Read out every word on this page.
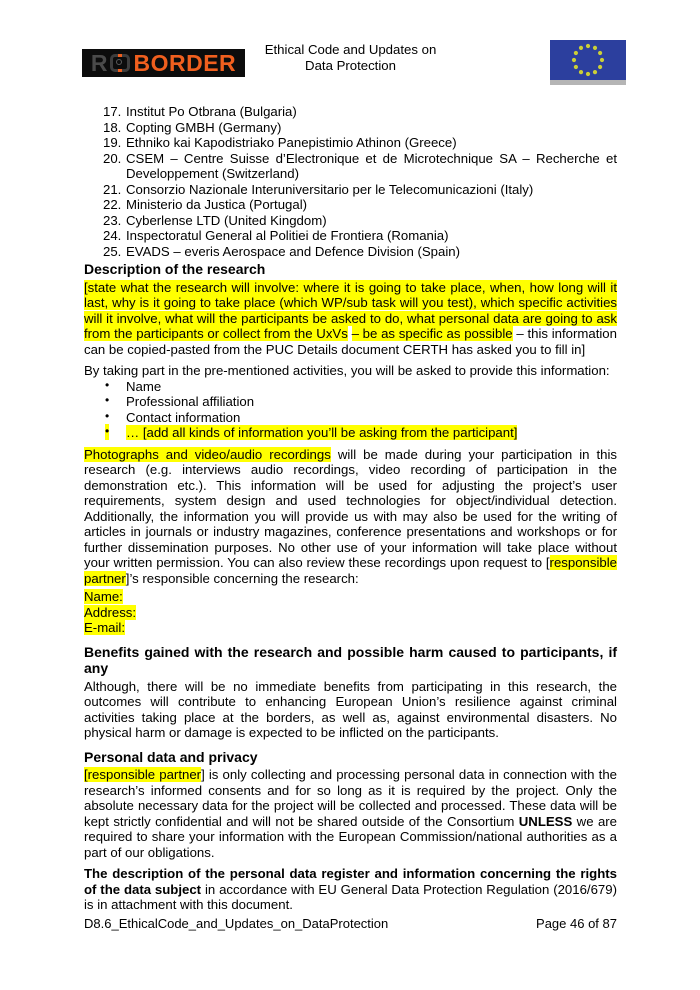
R BORDER	Ethical Code and Updates on
Data Protection
17. Institut Po Otbrana (Bulgaria)
18. Copting GMBH (Germany)
19. Ethniko kai Kapodistriako Panepistimio Athinon (Greece)
20. CSEM – Centre Suisse d’Electronique et de Microtechnique SA – Recherche et Developpement (Switzerland)
21. Consorzio Nazionale Interuniversitario per le Telecomunicazioni (Italy)
22. Ministerio da Justica (Portugal)
23. Cyberlense LTD (United Kingdom)
24. Inspectoratul General al Politiei de Frontiera (Romania)
25. EVADS – everis Aerospace and Defence Division (Spain)
Description of the research

[state what the research will involve: where it is going to take place, when, how long will it last, why is it going to take place (which WP/sub task will you test), which specific activities will it involve, what will the participants be asked to do, what personal data are going to ask from the participants or collect from the UxVs – be as specific as possible – this information can be copied-pasted from the PUC Details document CERTH has asked you to fill in]

By taking part in the pre-mentioned activities, you will be asked to provide this information:

• Name
• Professional affiliation
• Contact information
• … [add all kinds of information you’ll be asking from the participant]

Photographs and video/audio recordings will be made during your participation in this research (e.g. interviews audio recordings, video recording of participation in the demonstration etc.). This information will be used for adjusting the project’s user requirements, system design and used technologies for object/individual detection. Additionally, the information you will provide us with may also be used for the writing of articles in journals or industry magazines, conference presentations and workshops or for further dissemination purposes. No other use of your information will take place without your written permission. You can also review these recordings upon request to [responsible partner]’s responsible concerning the research:

Name:
Address:
E-mail:
Benefits gained with the research and possible harm caused to participants, if any

Although, there will be no immediate benefits from participating in this research, the outcomes will contribute to enhancing European Union’s resilience against criminal activities taking place at the borders, as well as, against environmental disasters. No physical harm or damage is expected to be inflicted on the participants.

Personal data and privacy

[responsible partner] is only collecting and processing personal data in connection with the research’s informed consents and for so long as it is required by the project. Only the absolute necessary data for the project will be collected and processed. These data will be kept strictly confidential and will not be shared outside of the Consortium UNLESS we are required to share your information with the European Commission/national authorities as a part of our obligations.

The description of the personal data register and information concerning the rights of the data subject in accordance with EU General Data Protection Regulation (2016/679) is in attachment with this document.

D8.6_EthicalCode_and_Updates_on_DataProtection	Page 46 of 87
